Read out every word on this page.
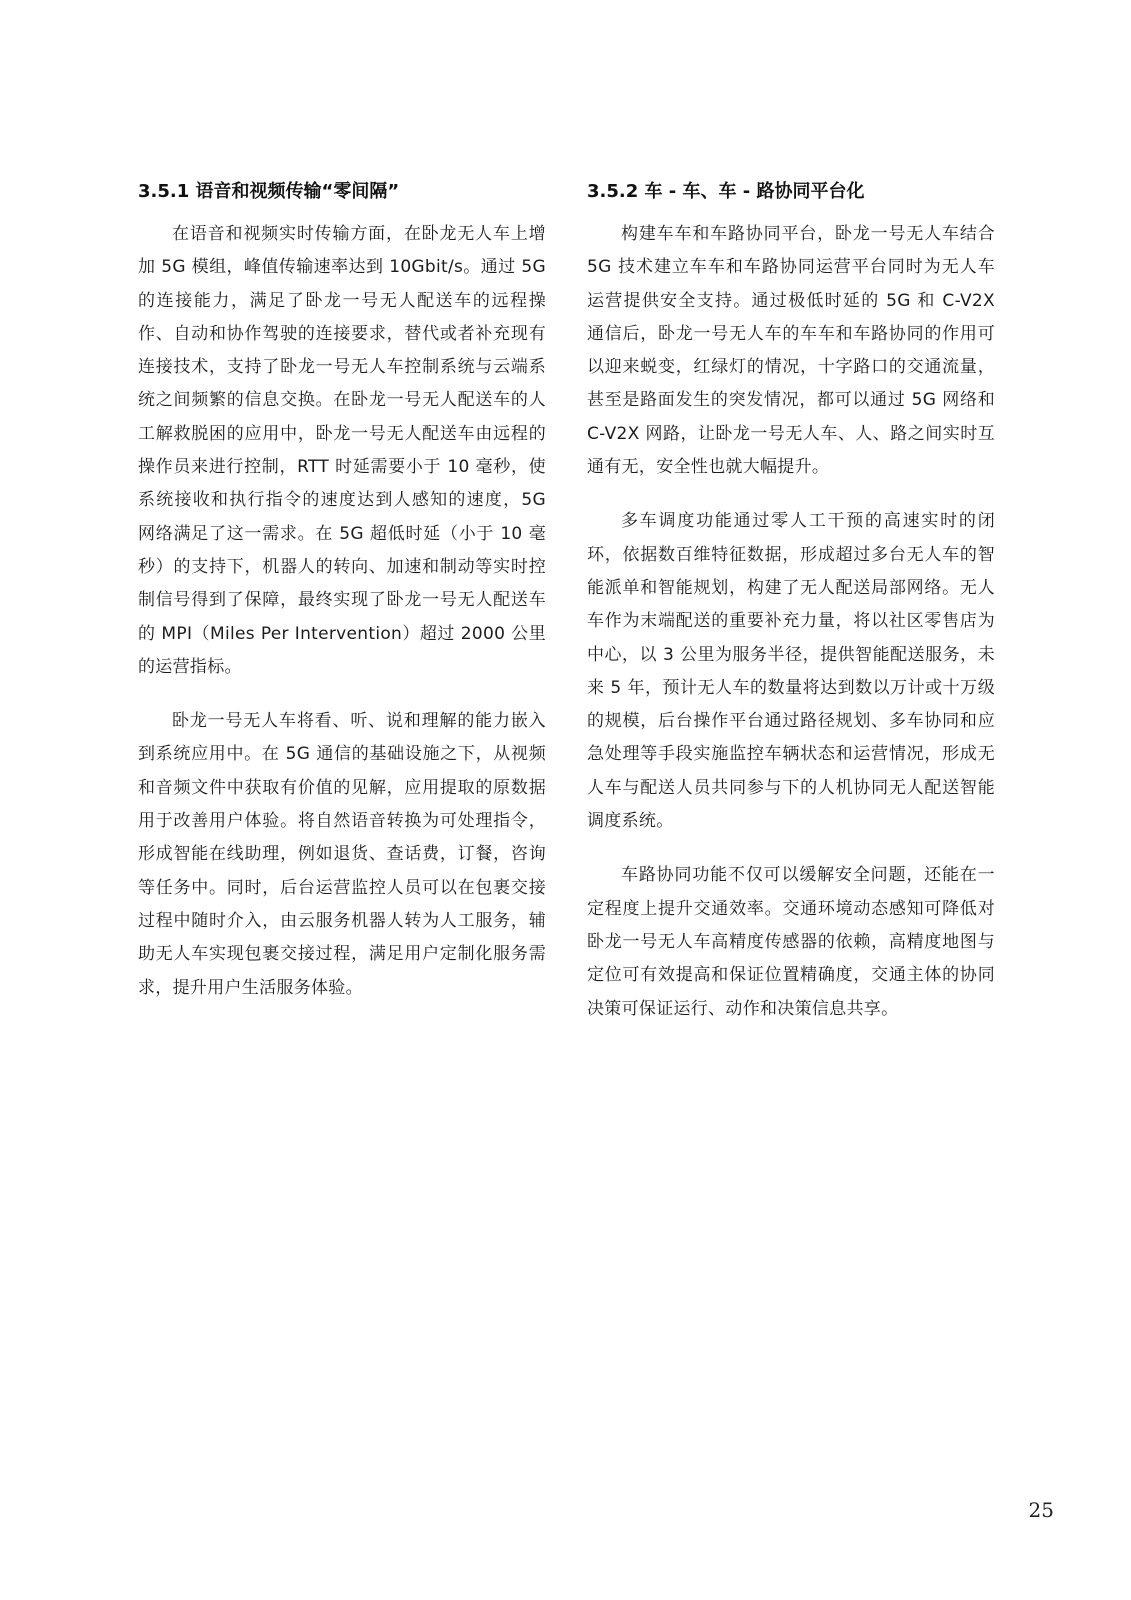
3.5.1 语音和视频传输“零间隔”

在语音和视频实时传输方面，在卧龙无人车上增加 5G 模组，峰值传输速率达到 10Gbit/s。通过 5G 的连接能力，满足了卧龙一号无人配送车的远程操作、自动和协作驾驶的连接要求，替代或者补充现有连接技术，支持了卧龙一号无人车控制系统与云端系统之间频繁的信息交换。在卧龙一号无人配送车的人工解救脱困的应用中，卧龙一号无人配送车由远程的操作员来进行控制，RTT 时延需要小于 10 毫秒，使系统接收和执行指令的速度达到人感知的速度，5G 网络满足了这一需求。在 5G 超低时延（小于 10 毫秒）的支持下，机器人的转向、加速和制动等实时控制信号得到了保障，最终实现了卧龙一号无人配送车的 MPI（Miles Per Intervention）超过 2000 公里的运营指标。

卧龙一号无人车将看、听、说和理解的能力嵌入到系统应用中。在 5G 通信的基础设施之下，从视频和音频文件中获取有价值的见解，应用提取的原数据用于改善用户体验。将自然语音转换为可处理指令，形成智能在线助理，例如退货、查话费，订餐，咨询等任务中。同时，后台运营监控人员可以在包裹交接过程中随时介入，由云服务机器人转为人工服务，辅助无人车实现包裹交接过程，满足用户定制化服务需求，提升用户生活服务体验。

3.5.2 车 - 车、车 - 路协同平台化

构建车车和车路协同平台，卧龙一号无人车结合 5G 技术建立车车和车路协同运营平台同时为无人车运营提供安全支持。通过极低时延的 5G 和 C-V2X 通信后，卧龙一号无人车的车车和车路协同的作用可以迎来蜕变，红绿灯的情况，十字路口的交通流量，甚至是路面发生的突发情况，都可以通过 5G 网络和 C-V2X 网路，让卧龙一号无人车、人、路之间实时互通有无，安全性也就大幅提升。

多车调度功能通过零人工干预的高速实时的闭环，依据数百维特征数据，形成超过多台无人车的智能派单和智能规划，构建了无人配送局部网络。无人车作为末端配送的重要补充力量，将以社区零售店为中心，以 3 公里为服务半径，提供智能配送服务，未来 5 年，预计无人车的数量将达到数以万计或十万级的规模，后台操作平台通过路径规划、多车协同和应急处理等手段实施监控车辆状态和运营情况，形成无人车与配送人员共同参与下的人机协同无人配送智能调度系统。

车路协同功能不仅可以缓解安全问题，还能在一定程度上提升交通效率。交通环境动态感知可降低对卧龙一号无人车高精度传感器的依赖，高精度地图与定位可有效提高和保证位置精确度，交通主体的协同决策可保证运行、动作和决策信息共享。

25
